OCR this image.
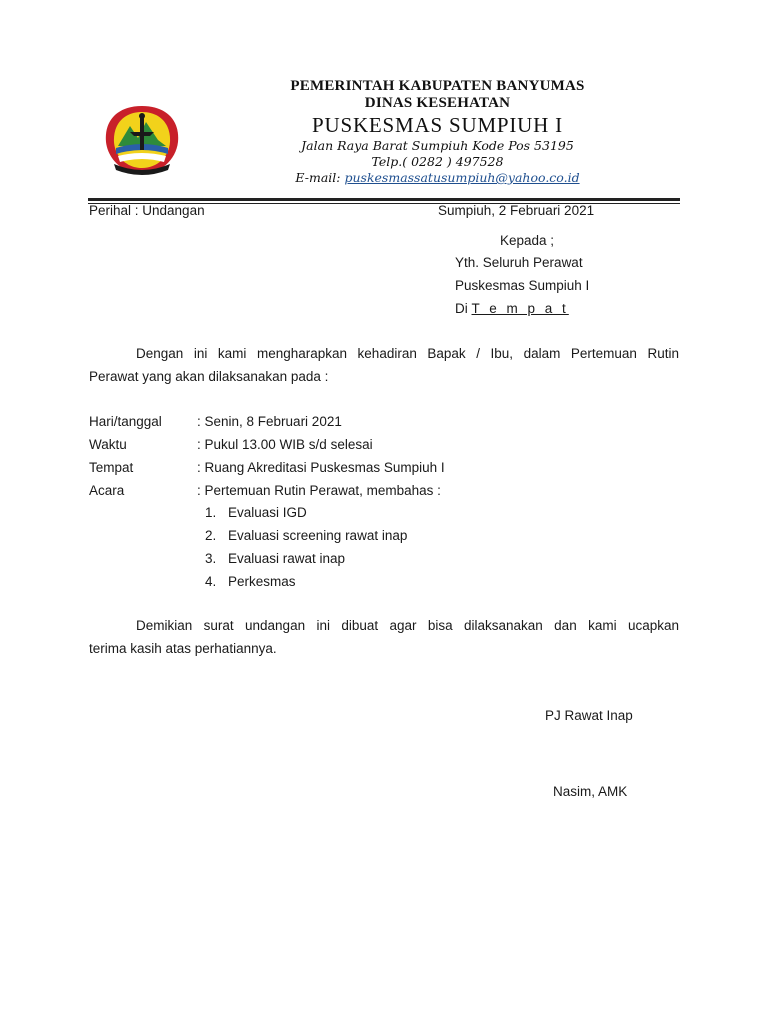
PEMERINTAH KABUPATEN BANYUMAS
DINAS KESEHATAN
PUSKESMAS SUMPIUH I
Jalan Raya Barat Sumpiuh Kode Pos 53195
Telp.( 0282 ) 497528
E-mail: puskesmassatusumpiuh@yahoo.co.id
Perihal : Undangan	Sumpiuh, 2 Februari 2021
Kepada ;
Yth. Seluruh Perawat
Puskesmas Sumpiuh I
Di T e m p a t
Dengan ini kami mengharapkan kehadiran Bapak / Ibu, dalam Pertemuan Rutin
Perawat yang akan dilaksanakan pada :
Hari/tanggal	: Senin, 8 Februari 2021
Waktu	: Pukul 13.00 WIB s/d selesai
Tempat	: Ruang Akreditasi Puskesmas Sumpiuh I
Acara	: Pertemuan Rutin Perawat, membahas :
1. Evaluasi IGD
2. Evaluasi screening rawat inap
3. Evaluasi rawat inap
4. Perkesmas
Demikian surat undangan ini dibuat agar bisa dilaksanakan dan kami ucapkan
terima kasih atas perhatiannya.
PJ Rawat Inap
Nasim, AMK
